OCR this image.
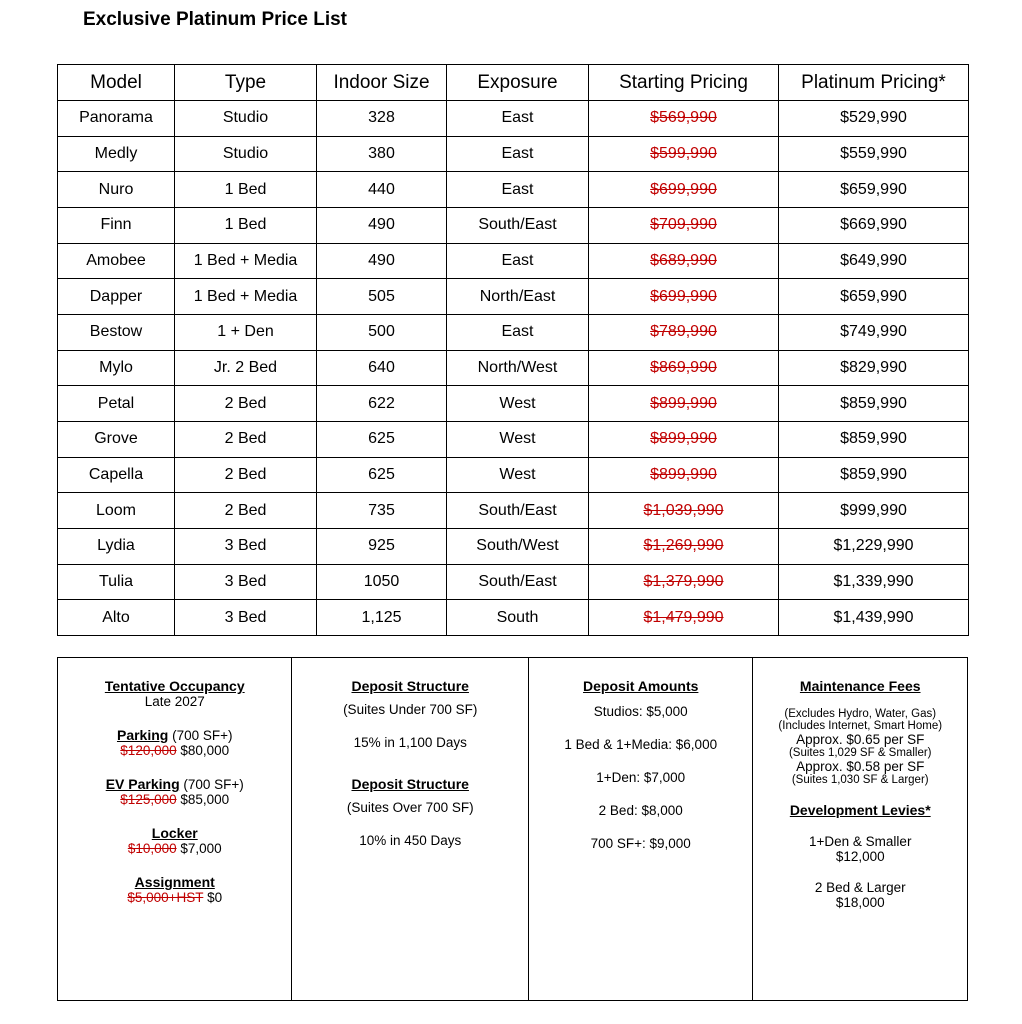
Exclusive Platinum Price List
Model	Type	Indoor Size	Exposure	Starting Pricing	Platinum Pricing*
Panorama	Studio	328	East	$569,990	$529,990
Medly	Studio	380	East	$599,990	$559,990
Nuro	1 Bed	440	East	$699,990	$659,990
Finn	1 Bed	490	South/East	$709,990	$669,990
Amobee	1 Bed + Media	490	East	$689,990	$649,990
Dapper	1 Bed + Media	505	North/East	$699,990	$659,990
Bestow	1 + Den	500	East	$789,990	$749,990
Mylo	Jr. 2 Bed	640	North/West	$869,990	$829,990
Petal	2 Bed	622	West	$899,990	$859,990
Grove	2 Bed	625	West	$899,990	$859,990
Capella	2 Bed	625	West	$899,990	$859,990
Loom	2 Bed	735	South/East	$1,039,990	$999,990
Lydia	3 Bed	925	South/West	$1,269,990	$1,229,990
Tulia	3 Bed	1050	South/East	$1,379,990	$1,339,990
Alto	3 Bed	1,125	South	$1,479,990	$1,439,990
Tentative Occupancy
Late 2027
Parking (700 SF+)
$120,000 $80,000
EV Parking (700 SF+)
$125,000 $85,000
Locker
$10,000 $7,000
Assignment
$5,000+HST $0
Deposit Structure
(Suites Under 700 SF)
15% in 1,100 Days
Deposit Structure
(Suites Over 700 SF)
10% in 450 Days
Deposit Amounts
Studios: $5,000
1 Bed & 1+Media: $6,000
1+Den: $7,000
2 Bed: $8,000
700 SF+: $9,000
Maintenance Fees
(Excludes Hydro, Water, Gas)
(Includes Internet, Smart Home)
Approx. $0.65 per SF
(Suites 1,029 SF & Smaller)
Approx. $0.58 per SF
(Suites 1,030 SF & Larger)
Development Levies*
1+Den & Smaller
$12,000
2 Bed & Larger
$18,000
